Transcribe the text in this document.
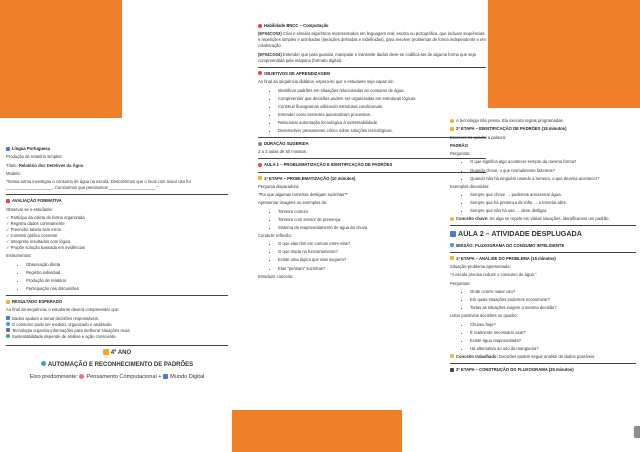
Língua Portuguesa

Produção de relatório simples:

Título: Relatório dos Detetives da Água

Modelo:

"Nossa turma investigou o consumo de água na escola. Descobrimos que o local com maior uso foi ____________________. Concluímos que precisamos ____________________."

AVALIAÇÃO FORMATIVA

Observar se o estudante:

✓ Participa da coleta de forma organizada
✓ Registra dados corretamente
✓ Preenche tabela sem erros
✓ Constrói gráfico coerente
✓ Interpreta resultados com lógica
✓ Propõe solução baseada em evidências

Instrumentos:

• Observação direta
• Registro individual
• Produção de relatório
• Participação nas discussões

RESULTADO ESPERADO

Ao final da sequência, o estudante deverá compreender que:

Dados ajudam a tomar decisões responsáveis.
O consumo pode ser medido, organizado e analisado.
Tecnologia organiza informações para melhorar situações reais.
Sustentabilidade depende de análise e ação consciente.
4º ANO
AUTOMAÇÃO E RECONHECIMENTO DE PADRÕES
Eixo predominante: Pensamento Computacional + Mundo Digital

Habilidade BNCC – Computação

(EF04CO03) Criar e simular algoritmos representados em linguagem oral, escrita ou pictográfica, que incluam sequências e repetições simples e aninhadas (iterações definidas e indefinidas), para resolver problemas de forma independente e em colaboração.

(EF04CO04) Entender que para guardar, manipular e transmitir dados deve-se codificá-los de alguma forma que seja compreendida pela máquina (formato digital).

OBJETIVOS DE APRENDIZAGEM

Ao final da sequência didática, espera-se que o estudante seja capaz de:

• Identificar padrões em situações relacionadas ao consumo de água.
• Compreender que decisões podem ser organizadas em estruturas lógicas.
• Construir fluxogramas utilizando estruturas condicionais.
• Entender como sensores automatizam processos.
• Relacionar automação tecnológica à sustentabilidade.
• Desenvolver pensamento crítico sobre soluções tecnológicas.

DURAÇÃO SUGERIDA

2 a 3 aulas de 50 minutos.

AULA 1 – PROBLEMATIZAÇÃO E IDENTIFICAÇÃO DE PADRÕES

1ª ETAPA – PROBLEMATIZAÇÃO (10 minutos)

Pergunta disparadora:

"Por que algumas torneiras desligam sozinhas?"

Apresentar imagens ou exemplos de:

• Torneira comum
• Torneira com sensor de presença
• Sistema de reaproveitamento de água da chuva

Conduzir reflexão:

• O que elas têm em comum entre elas?
• O que muda no funcionamento?
• Existe uma lógica que elas seguem?
• Elas "pensam" sozinhas?

Introduzir conceito:

A tecnologia não pensa. Ela executa regras programadas.

2ª ETAPA – IDENTIFICAÇÃO DE PADRÕES (15 minutos)

Escrever no quadro a palavra:

PADRÃO

Perguntas:

• O que significa algo acontecer sempre da mesma forma?
• Quando chove, o que normalmente fazemos?
• Quando não há ninguém usando a torneira, o que deveria acontecer?

Exemplos discutidos:

• Sempre que chove → podemos armazenar água.
• Sempre que há presença de mão → a torneira abre.
• Sempre que não há uso → deve desligar.

Conceito chave: Se algo se repete em várias situações, identificamos um padrão.

AULA 2 – ATIVIDADE DESPLUGADA

MISSÃO: FLUXOGRAMA DO CONSUMO INTELIGENTE

1ª ETAPA – ANÁLISE DO PROBLEMA (15 minutos)

Situação-problema apresentada:

"A escola precisa reduzir o consumo de água."

Perguntas:

• Onde ocorre maior uso?
• Em quais situações podemos economizar?
• Todas as situações exigem a mesma decisão?

Listar possíveis decisões no quadro:

• Chuveu hoje?
• É realmente necessário usar?
• Existe água reaproveitada?
• Há alternativa ao uso da mangueira?

Conceito trabalhado: Decisões podem seguir análise de dados possíveis.

2ª ETAPA – CONSTRUÇÃO DO FLUXOGRAMA (25 minutos)
